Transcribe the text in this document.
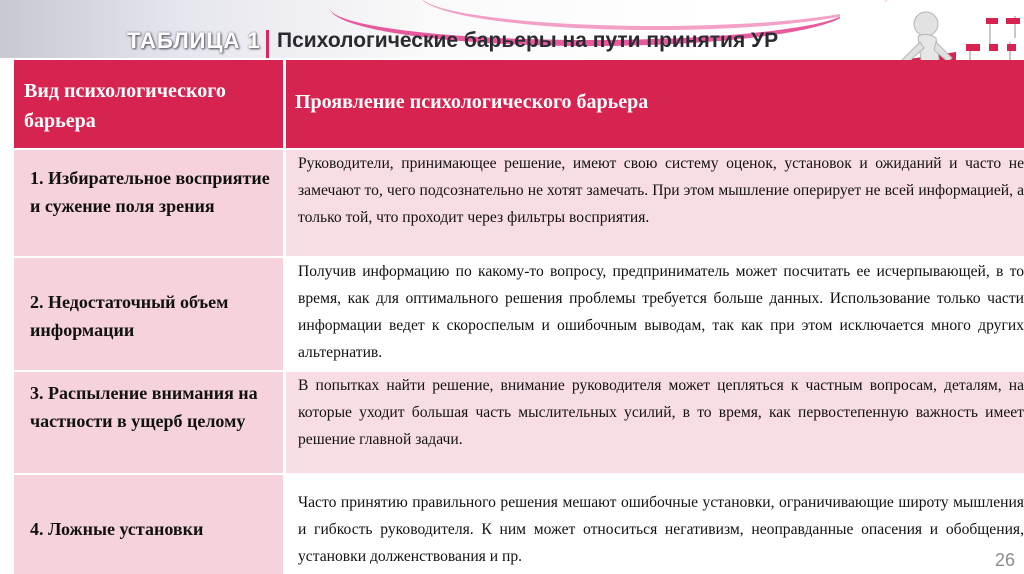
ТАБЛИЦА 1 Психологические барьеры на пути принятия УР
Вид психологического барьера
Проявление психологического барьера
1. Избирательное восприятие и сужение поля зрения
Руководители, принимающее решение, имеют свою систему оценок, установок и ожиданий и часто не замечают то, чего подсознательно не хотят замечать. При этом мышление оперирует не всей информацией, а только той, что проходит через фильтры восприятия.
2. Недостаточный объем информации
Получив информацию по какому-то вопросу, предприниматель может посчитать ее исчерпывающей, в то время, как для оптимального решения проблемы требуется больше данных. Использование только части информации ведет к скороспелым и ошибочным выводам, так как при этом исключается много других альтернатив.
3. Распыление внимания на частности в ущерб целому
В попытках найти решение, внимание руководителя может цепляться к частным вопросам, деталям, на которые уходит большая часть мыслительных усилий, в то время, как первостепенную важность имеет решение главной задачи.
4. Ложные установки
Часто принятию правильного решения мешают ошибочные установки, ограничивающие широту мышления и гибкость руководителя. К ним может относиться негативизм, неоправданные опасения и обобщения, установки долженствования и пр.	26
